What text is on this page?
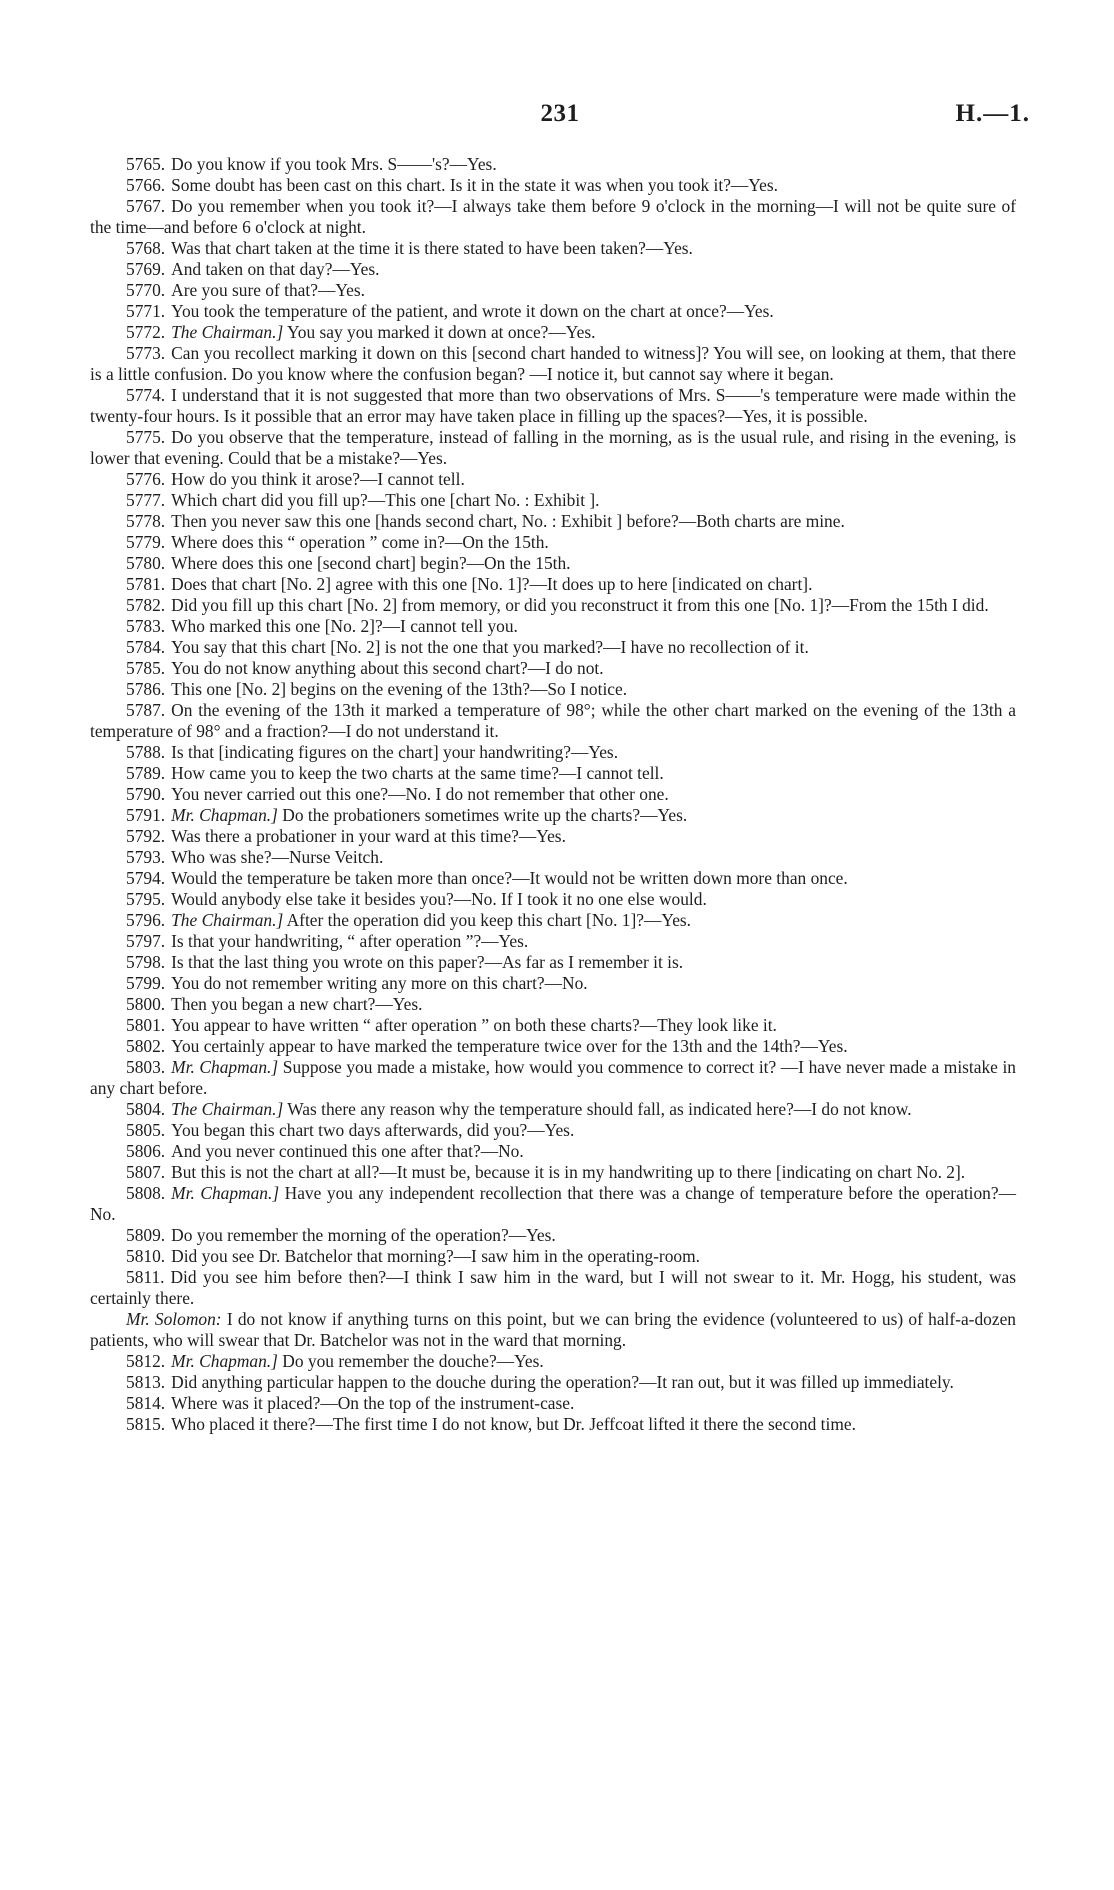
231	H.—1.

5765. Do you know if you took Mrs. S——'s?—Yes.

5766. Some doubt has been cast on this chart. Is it in the state it was when you took it?—Yes.

5767. Do you remember when you took it?—I always take them before 9 o'clock in the morning—I will not be quite sure of the time—and before 6 o'clock at night.

5768. Was that chart taken at the time it is there stated to have been taken?—Yes.

5769. And taken on that day?—Yes.

5770. Are you sure of that?—Yes.

5771. You took the temperature of the patient, and wrote it down on the chart at once?—Yes.

5772. The Chairman.] You say you marked it down at once?—Yes.

5773. Can you recollect marking it down on this [second chart handed to witness]? You will see, on looking at them, that there is a little confusion. Do you know where the confusion began? —I notice it, but cannot say where it began.

5774. I understand that it is not suggested that more than two observations of Mrs. S——'s temperature were made within the twenty-four hours. Is it possible that an error may have taken place in filling up the spaces?—Yes, it is possible.

5775. Do you observe that the temperature, instead of falling in the morning, as is the usual rule, and rising in the evening, is lower that evening. Could that be a mistake?—Yes.

5776. How do you think it arose?—I cannot tell.

5777. Which chart did you fill up?—This one [chart No. : Exhibit ].

5778. Then you never saw this one [hands second chart, No. : Exhibit ] before?—Both charts are mine.

5779. Where does this “ operation ” come in?—On the 15th.

5780. Where does this one [second chart] begin?—On the 15th.

5781. Does that chart [No. 2] agree with this one [No. 1]?—It does up to here [indicated on chart].

5782. Did you fill up this chart [No. 2] from memory, or did you reconstruct it from this one [No. 1]?—From the 15th I did.

5783. Who marked this one [No. 2]?—I cannot tell you.

5784. You say that this chart [No. 2] is not the one that you marked?—I have no recollection of it.

5785. You do not know anything about this second chart?—I do not.

5786. This one [No. 2] begins on the evening of the 13th?—So I notice.

5787. On the evening of the 13th it marked a temperature of 98°; while the other chart marked on the evening of the 13th a temperature of 98° and a fraction?—I do not understand it.

5788. Is that [indicating figures on the chart] your handwriting?—Yes.

5789. How came you to keep the two charts at the same time?—I cannot tell.

5790. You never carried out this one?—No. I do not remember that other one.

5791. Mr. Chapman.] Do the probationers sometimes write up the charts?—Yes.

5792. Was there a probationer in your ward at this time?—Yes.

5793. Who was she?—Nurse Veitch.

5794. Would the temperature be taken more than once?—It would not be written down more than once.

5795. Would anybody else take it besides you?—No. If I took it no one else would.

5796. The Chairman.] After the operation did you keep this chart [No. 1]?—Yes.

5797. Is that your handwriting, “ after operation ”?—Yes.

5798. Is that the last thing you wrote on this paper?—As far as I remember it is.

5799. You do not remember writing any more on this chart?—No.

5800. Then you began a new chart?—Yes.

5801. You appear to have written “ after operation ” on both these charts?—They look like it.

5802. You certainly appear to have marked the temperature twice over for the 13th and the 14th?—Yes.

5803. Mr. Chapman.] Suppose you made a mistake, how would you commence to correct it? —I have never made a mistake in any chart before.

5804. The Chairman.] Was there any reason why the temperature should fall, as indicated here?—I do not know.

5805. You began this chart two days afterwards, did you?—Yes.

5806. And you never continued this one after that?—No.

5807. But this is not the chart at all?—It must be, because it is in my handwriting up to there [indicating on chart No. 2].

5808. Mr. Chapman.] Have you any independent recollection that there was a change of temperature before the operation?—No.

5809. Do you remember the morning of the operation?—Yes.

5810. Did you see Dr. Batchelor that morning?—I saw him in the operating-room.

5811. Did you see him before then?—I think I saw him in the ward, but I will not swear to it. Mr. Hogg, his student, was certainly there.

Mr. Solomon: I do not know if anything turns on this point, but we can bring the evidence (volunteered to us) of half-a-dozen patients, who will swear that Dr. Batchelor was not in the ward that morning.

5812. Mr. Chapman.] Do you remember the douche?—Yes.

5813. Did anything particular happen to the douche during the operation?—It ran out, but it was filled up immediately.

5814. Where was it placed?—On the top of the instrument-case.

5815. Who placed it there?—The first time I do not know, but Dr. Jeffcoat lifted it there the second time.
